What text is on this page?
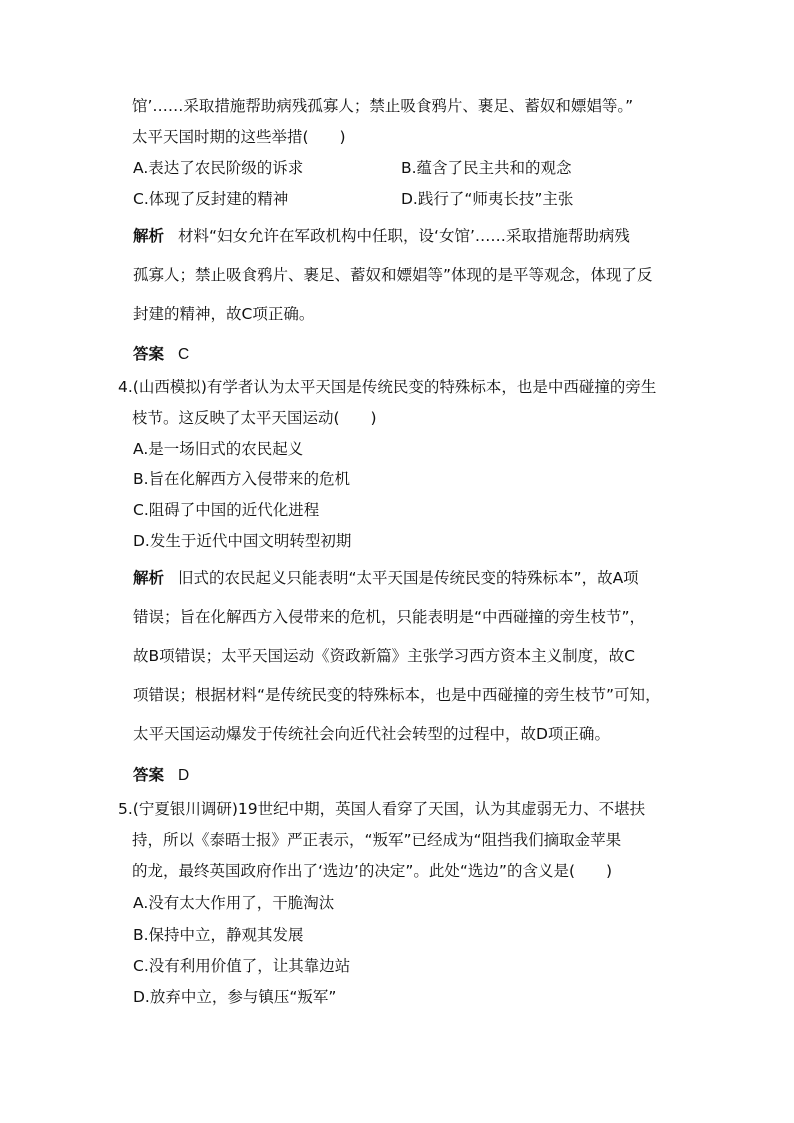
馆’……采取措施帮助病残孤寡人；禁止吸食鸦片、裹足、蓄奴和嫖娼等。”
太平天国时期的这些举措(　　)
A.表达了农民阶级的诉求	B.蕴含了民主共和的观念
C.体现了反封建的精神	D.践行了“师夷长技”主张
解析 材料“妇女允许在军政机构中任职，设‘女馆’……采取措施帮助病残
孤寡人；禁止吸食鸦片、裹足、蓄奴和嫖娼等”体现的是平等观念，体现了反
封建的精神，故C项正确。
答案 C
4.(山西模拟)有学者认为太平天国是传统民变的特殊标本，也是中西碰撞的旁生
枝节。这反映了太平天国运动(　　)
A.是一场旧式的农民起义
B.旨在化解西方入侵带来的危机
C.阻碍了中国的近代化进程
D.发生于近代中国文明转型初期
解析 旧式的农民起义只能表明“太平天国是传统民变的特殊标本”，故A项
错误；旨在化解西方入侵带来的危机，只能表明是“中西碰撞的旁生枝节”，
故B项错误；太平天国运动《资政新篇》主张学习西方资本主义制度，故C
项错误；根据材料“是传统民变的特殊标本，也是中西碰撞的旁生枝节”可知，
太平天国运动爆发于传统社会向近代社会转型的过程中，故D项正确。
答案 D
5.(宁夏银川调研)19世纪中期，英国人看穿了天国，认为其虚弱无力、不堪扶
持，所以《泰晤士报》严正表示，“叛军”已经成为“阻挡我们摘取金苹果
的龙，最终英国政府作出了‘选边’的决定”。此处“选边”的含义是(　　)
A.没有太大作用了，干脆淘汰
B.保持中立，静观其发展
C.没有利用价值了，让其靠边站
D.放弃中立，参与镇压“叛军”
